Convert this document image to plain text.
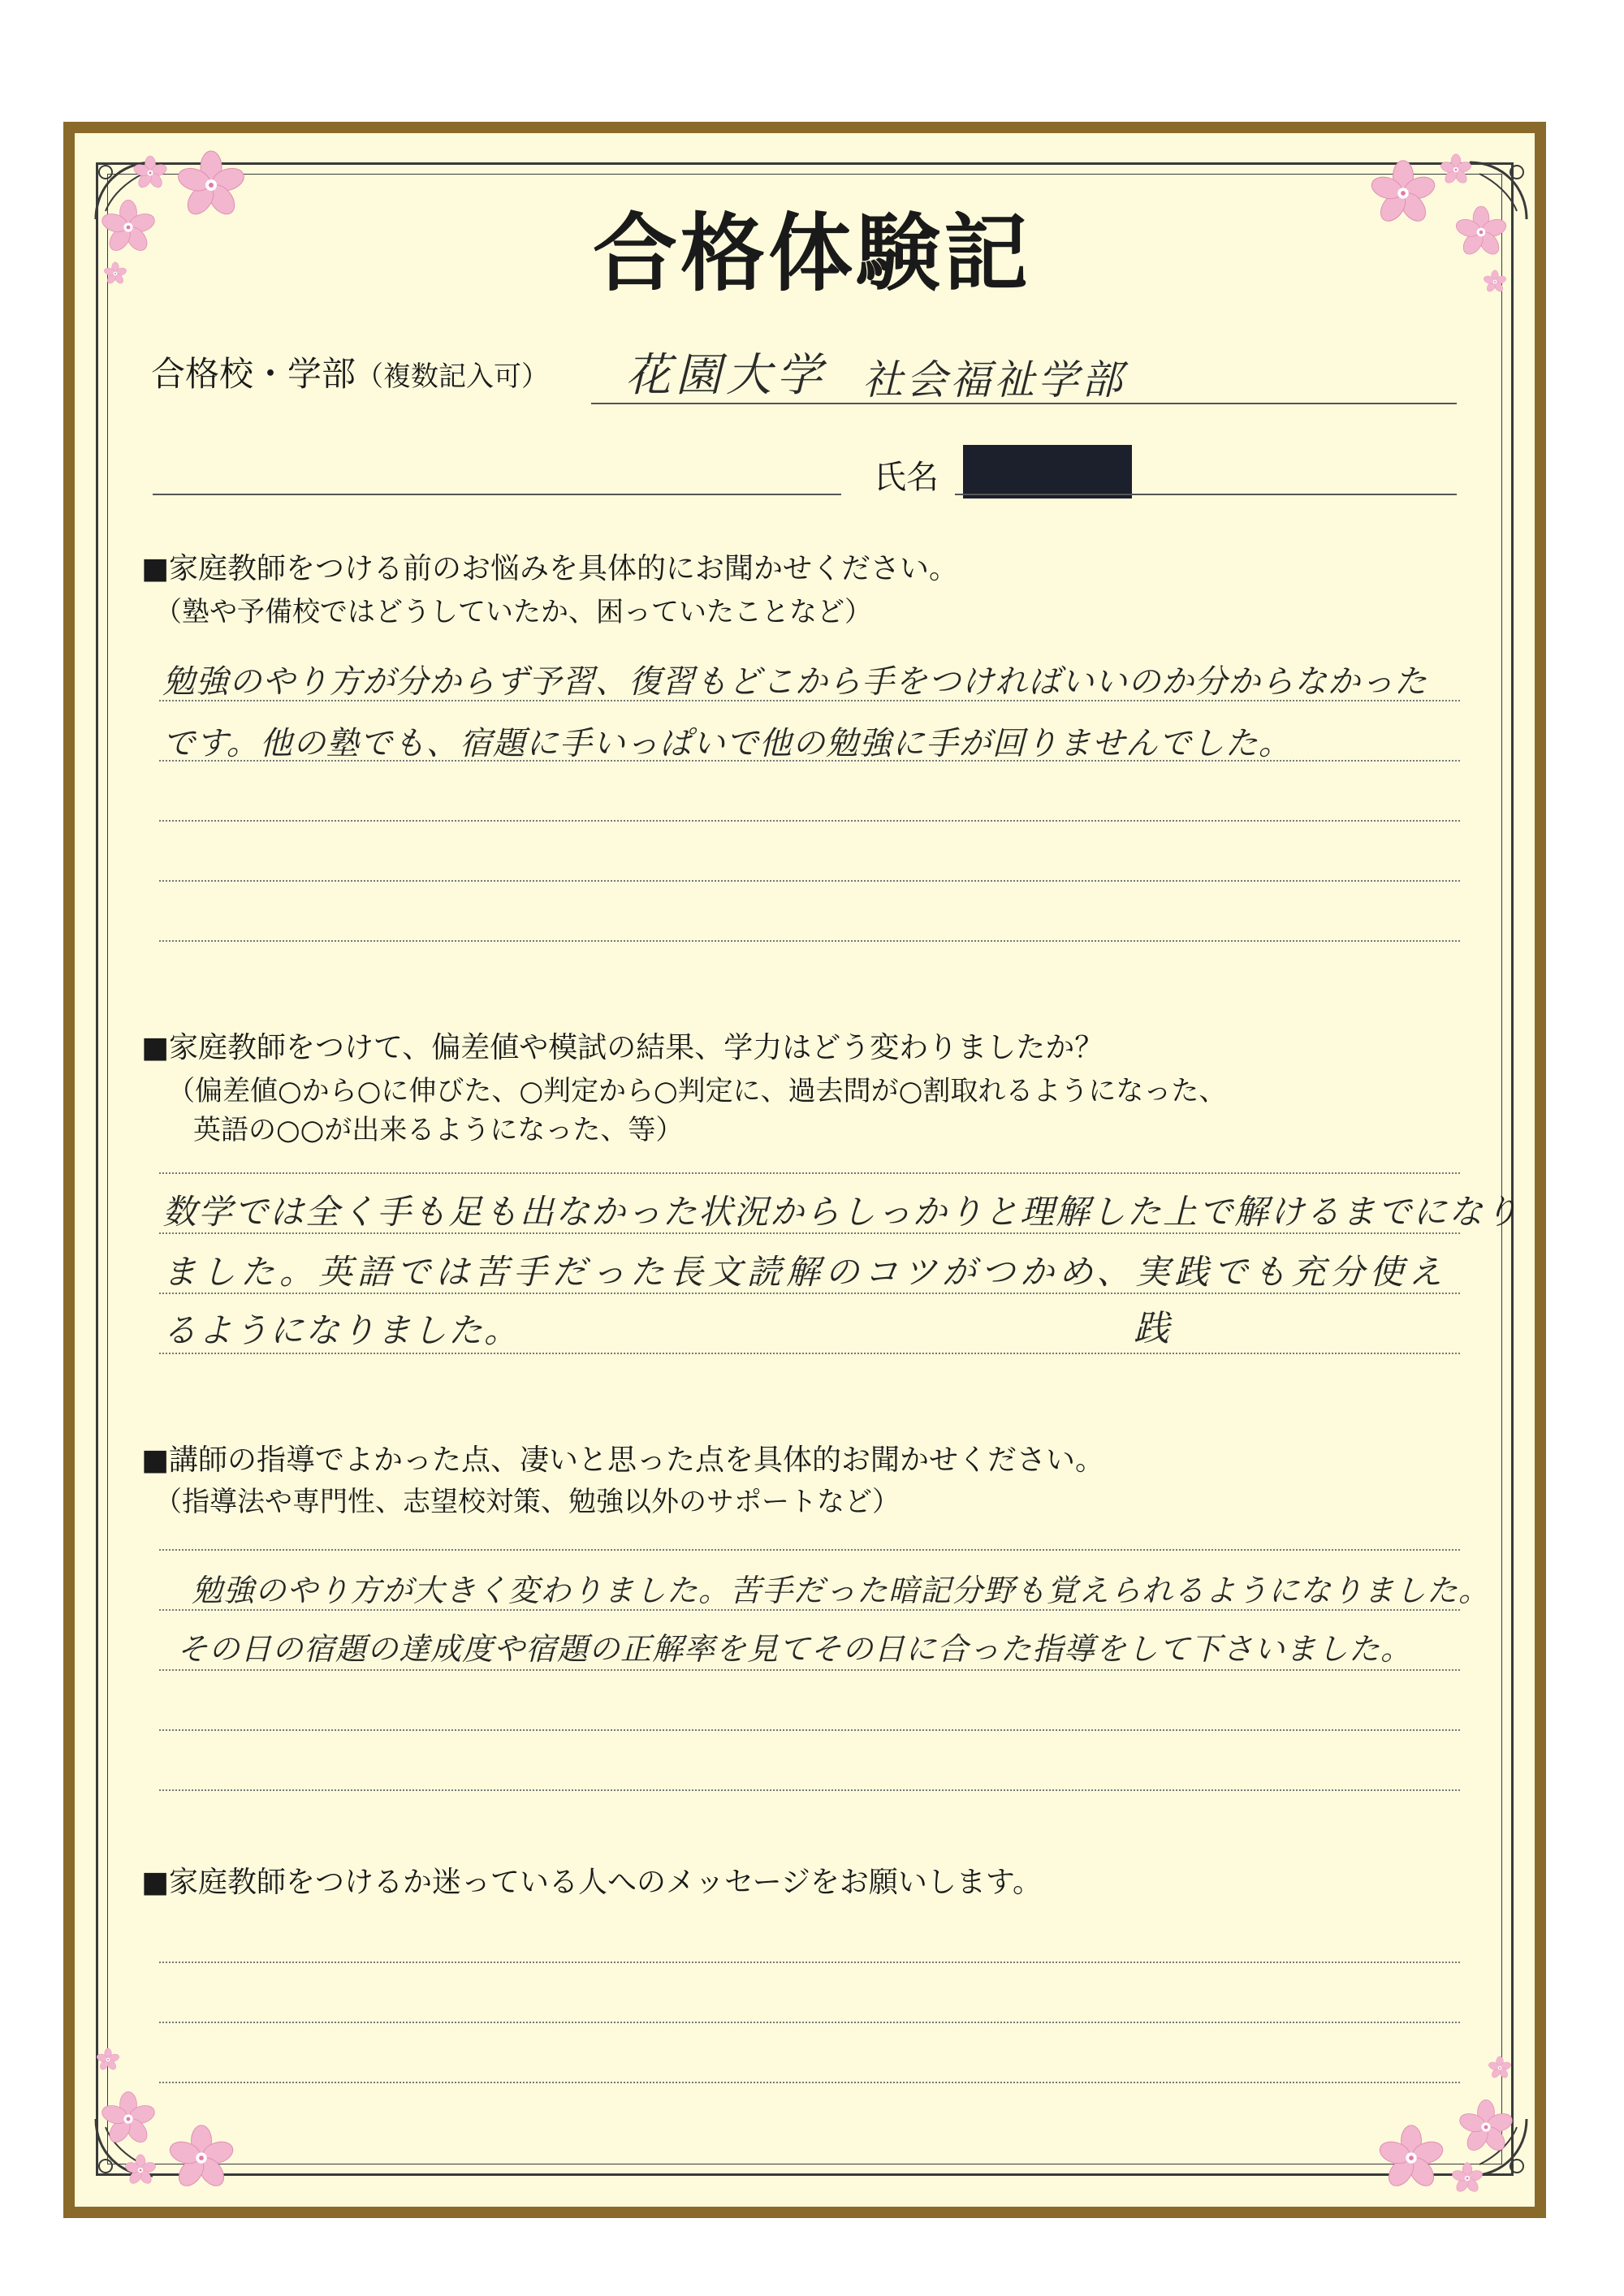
合格体験記
合格校・学部（複数記入可） 花園大学 社会福祉学部
氏名
■家庭教師をつける前のお悩みを具体的にお聞かせください。
（塾や予備校ではどうしていたか、困っていたことなど）
勉強のやり方が分からず予習、復習もどこから手をつければいいのか分からなかった
です。他の塾でも、宿題に手いっぱいで他の勉強に手が回りませんでした。
■家庭教師をつけて、偏差値や模試の結果、学力はどう変わりましたか？
（偏差値○から○に伸びた、○判定から○判定に、過去問が○割取れるようになった、
英語の○○が出来るようになった、等）
数学では全く手も足も出なかった状況からしっかりと理解した上で解けるまでになり
ました。英語では苦手だった長文読解のコツがつかめ、実践でも充分使え
るようになりました。	践
■講師の指導でよかった点、凄いと思った点を具体的お聞かせください。
（指導法や専門性、志望校対策、勉強以外のサポートなど）
勉強のやり方が大きく変わりました。苦手だった暗記分野も覚えられるようになりました。
その日の宿題の達成度や宿題の正解率を見てその日に合った指導をして下さいました。
■家庭教師をつけるか迷っている人へのメッセージをお願いします。
